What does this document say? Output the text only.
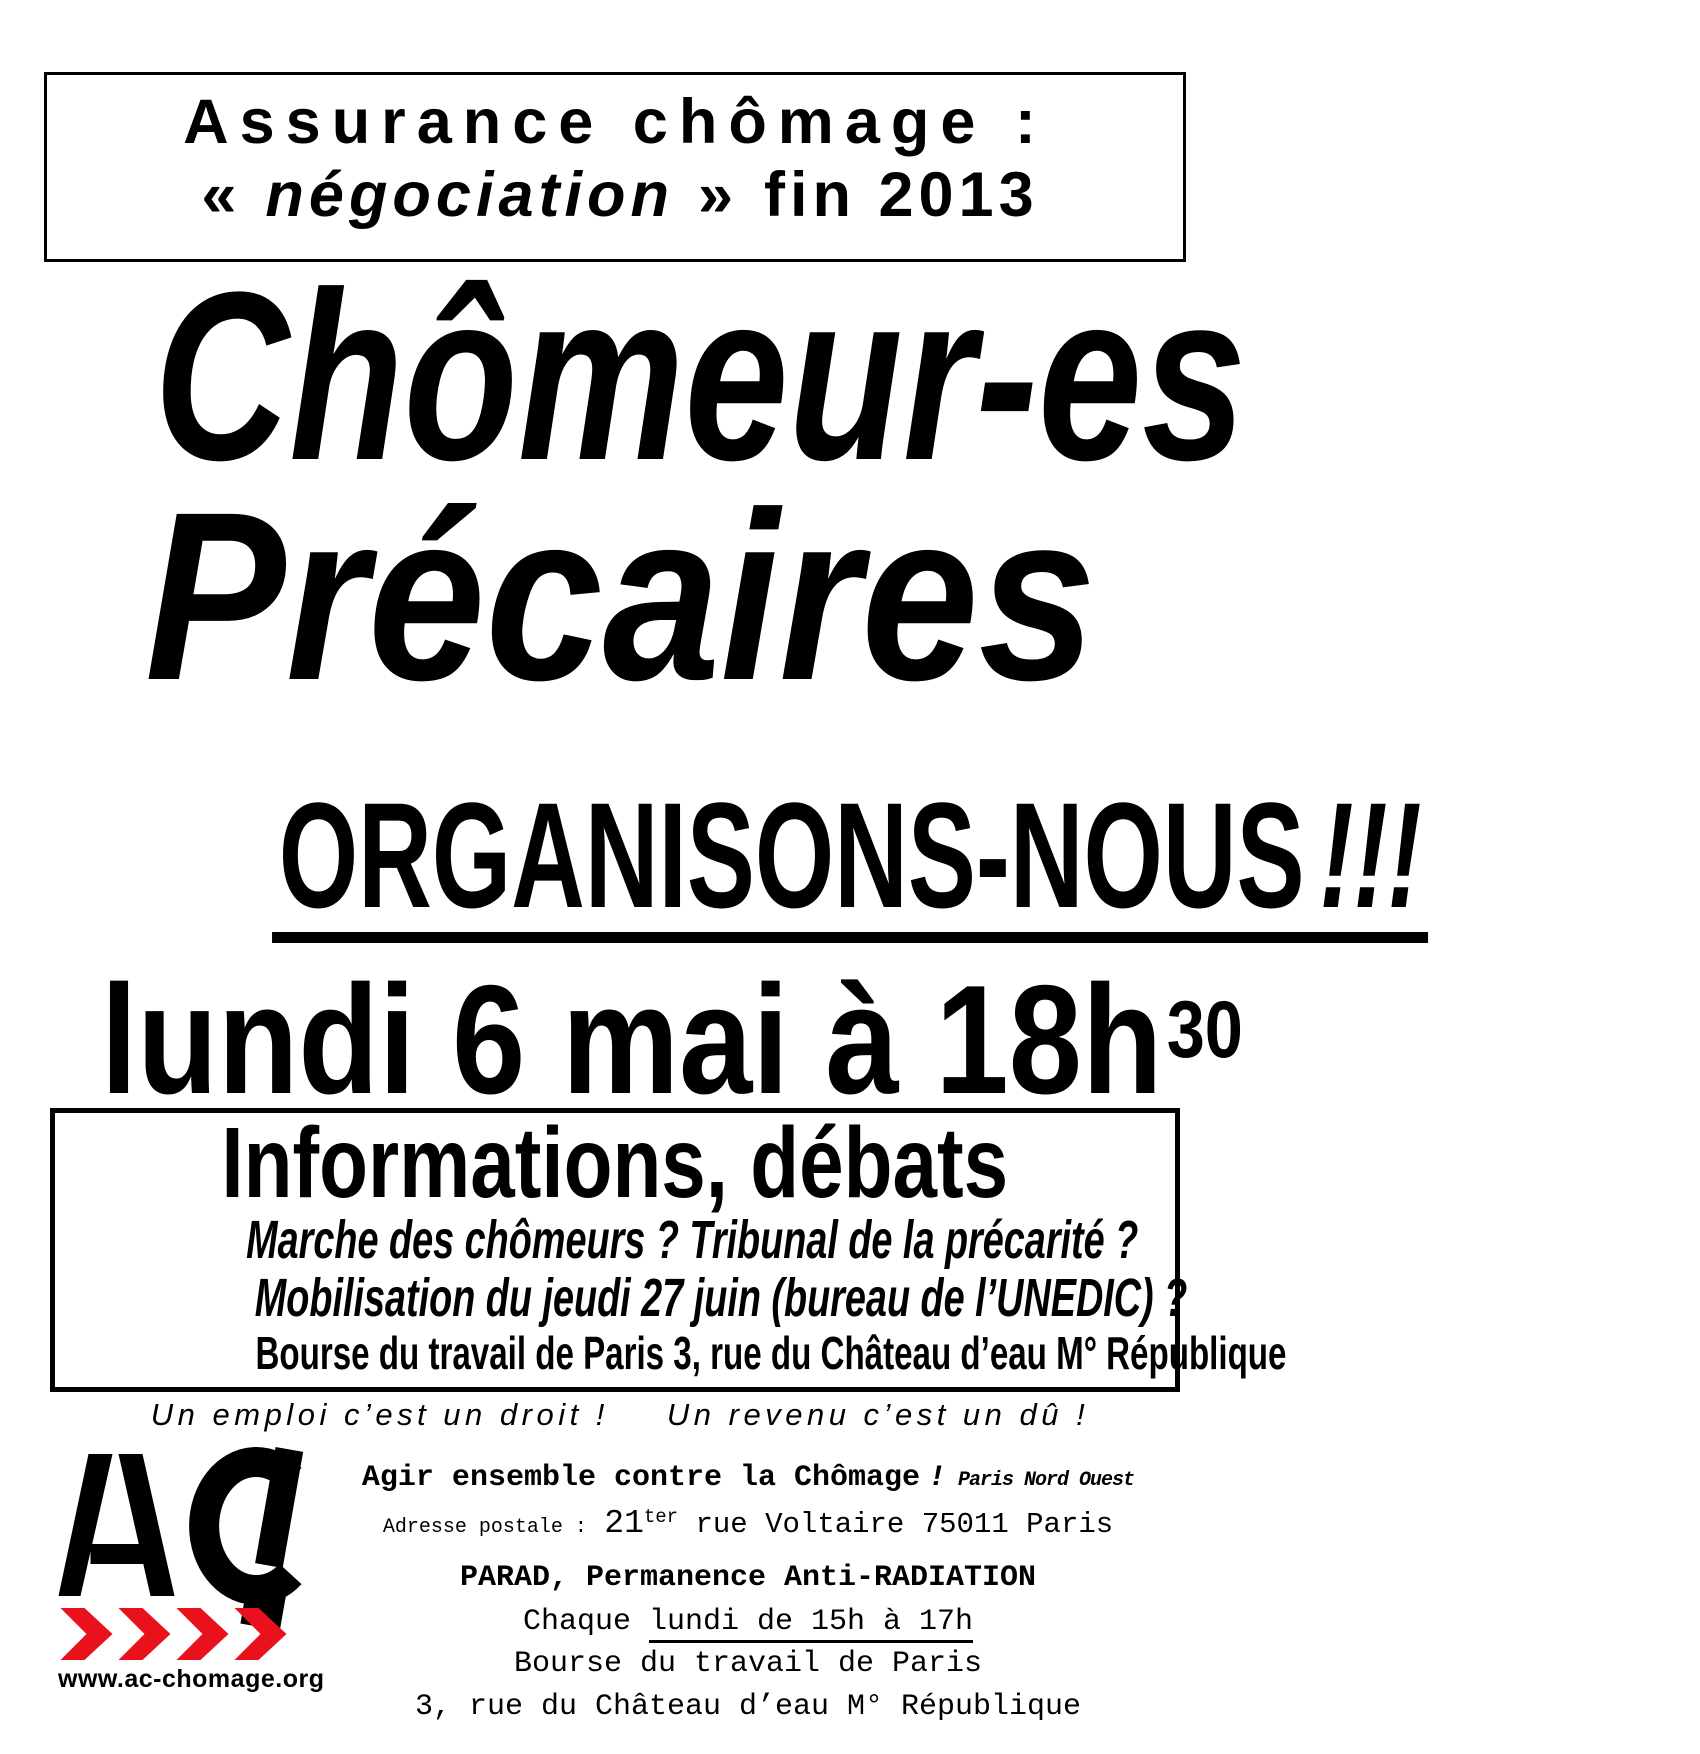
Assurance chômage :
« négociation » fin 2013
Chômeur-es
Précaires
ORGANISONS-NOUS!!!
lundi 6 mai à $18h^{30}$
Informations, débats
Marche des chômeurs ? Tribunal de la précarité ?
Mobilisation du jeudi 27 juin (bureau de l’UNEDIC) ?
Bourse du travail de Paris 3, rue du Château d’eau M° République
Un emploi c’est un droit ! Un revenu c’est un dû !
www.ac-chomage.org
Agir ensemble contre la Chômage ! Paris Nord Ouest
Adresse postale : $21^{ter}$ rue Voltaire 75011 Paris
PARAD, Permanence Anti-RADIATION
Chaque lundi de 15h à 17h
Bourse du travail de Paris
3, rue du Château d’eau M° République
